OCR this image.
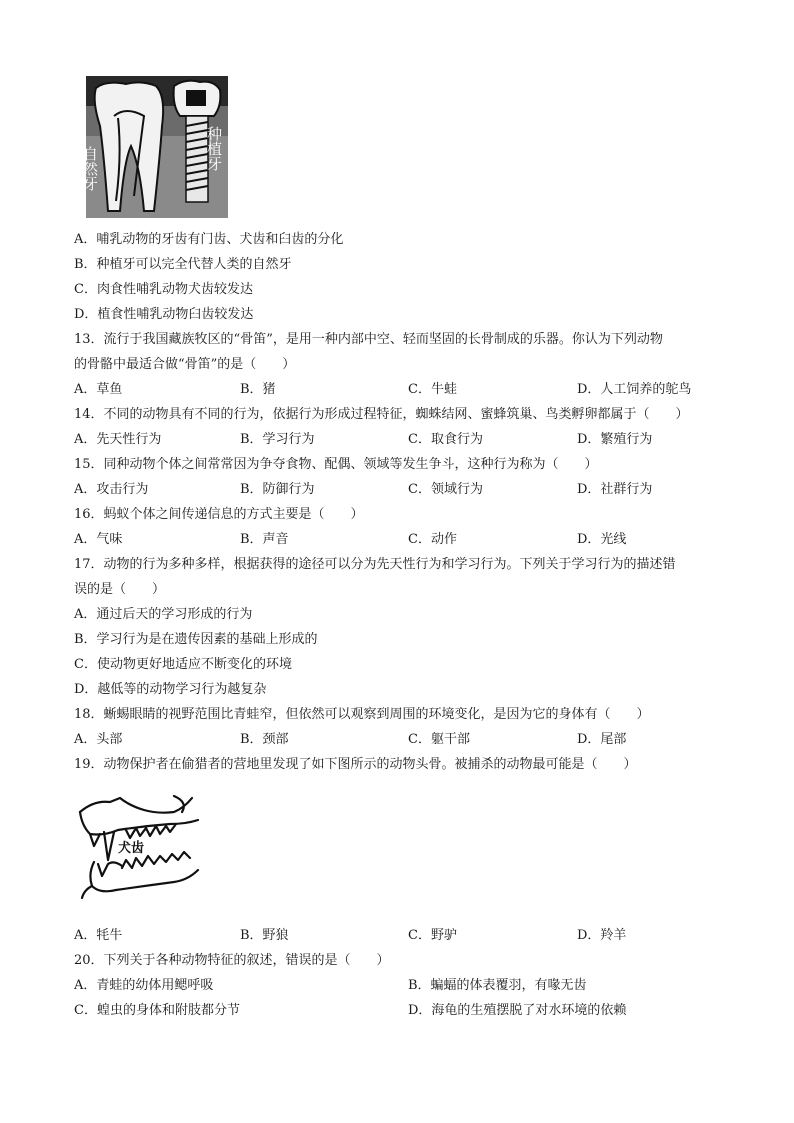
自然牙	种植牙
A．哺乳动物的牙齿有门齿、犬齿和臼齿的分化
B．种植牙可以完全代替人类的自然牙
C．肉食性哺乳动物犬齿较发达
D．植食性哺乳动物臼齿较发达
13．流行于我国藏族牧区的“骨笛”，是用一种内部中空、轻而坚固的长骨制成的乐器。你认为下列动物
的骨骼中最适合做“骨笛”的是（　　）
A．草鱼	B．猪	C．牛蛙	D．人工饲养的鸵鸟
14．不同的动物具有不同的行为，依据行为形成过程特征，蜘蛛结网、蜜蜂筑巢、鸟类孵卵都属于（　　）
A．先天性行为	B．学习行为	C．取食行为	D．繁殖行为
15．同种动物个体之间常常因为争夺食物、配偶、领域等发生争斗，这种行为称为（　　）
A．攻击行为	B．防御行为	C．领域行为	D．社群行为
16．蚂蚁个体之间传递信息的方式主要是（　　）
A．气味	B．声音	C．动作	D．光线
17．动物的行为多种多样，根据获得的途径可以分为先天性行为和学习行为。下列关于学习行为的描述错
误的是（　　）
A．通过后天的学习形成的行为
B．学习行为是在遗传因素的基础上形成的
C．使动物更好地适应不断变化的环境
D．越低等的动物学习行为越复杂
18．蜥蜴眼睛的视野范围比青蛙窄，但依然可以观察到周围的环境变化，是因为它的身体有（　　）
A．头部	B．颈部	C．躯干部	D．尾部
19．动物保护者在偷猎者的营地里发现了如下图所示的动物头骨。被捕杀的动物最可能是（　　）
犬齿
A．牦牛	B．野狼	C．野驴	D．羚羊
20．下列关于各种动物特征的叙述，错误的是（　　）
A．青蛙的幼体用鳃呼吸	B．蝙蝠的体表覆羽，有喙无齿
C．蝗虫的身体和附肢都分节	D．海龟的生殖摆脱了对水环境的依赖
